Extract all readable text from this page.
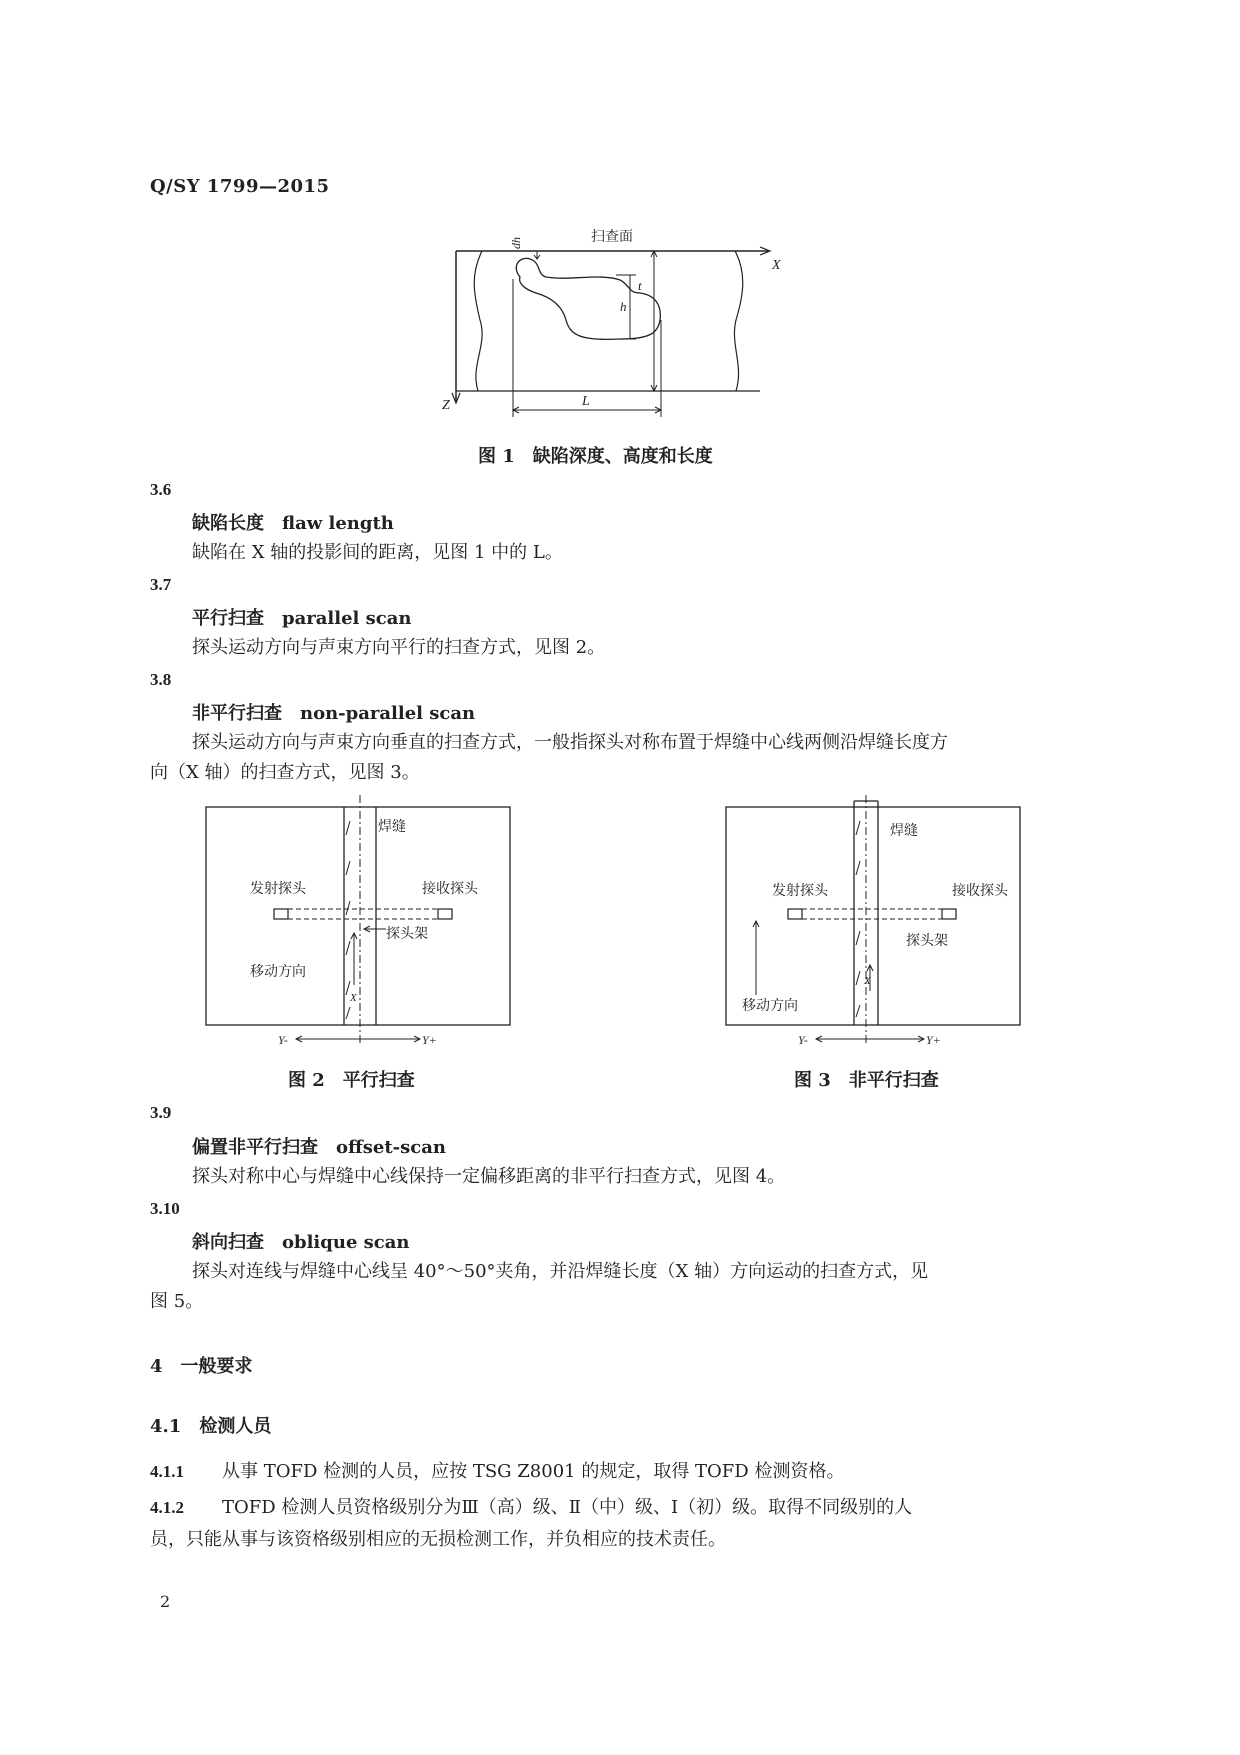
Q/SY 1799—2015
扫查面
X
Z
dh
h
t
L
图 1　缺陷深度、高度和长度
3.6
缺陷长度　flaw length
缺陷在 X 轴的投影间的距离，见图 1 中的 L。
3.7
平行扫查　parallel scan
探头运动方向与声束方向平行的扫查方式，见图 2。
3.8
非平行扫查　non-parallel scan
探头运动方向与声束方向垂直的扫查方式，一般指探头对称布置于焊缝中心线两侧沿焊缝长度方
向（X 轴）的扫查方式，见图 3。
焊缝
发射探头	接收探头
探头架
移动方向
X
Y-	Y+
图 2　平行扫查
焊缝
发射探头	接收探头
探头架
移动方向
X
Y-	Y+
图 3　非平行扫查
3.9
偏置非平行扫查　offset-scan
探头对称中心与焊缝中心线保持一定偏移距离的非平行扫查方式，见图 4。
3.10
斜向扫查　oblique scan
探头对连线与焊缝中心线呈 40°～50°夹角，并沿焊缝长度（X 轴）方向运动的扫查方式，见
图 5。
4　一般要求
4.1　检测人员
4.1.1 从事 TOFD 检测的人员，应按 TSG Z8001 的规定，取得 TOFD 检测资格。
4.1.2 TOFD 检测人员资格级别分为Ⅲ（高）级、Ⅱ（中）级、Ⅰ（初）级。取得不同级别的人
员，只能从事与该资格级别相应的无损检测工作，并负相应的技术责任。
2
